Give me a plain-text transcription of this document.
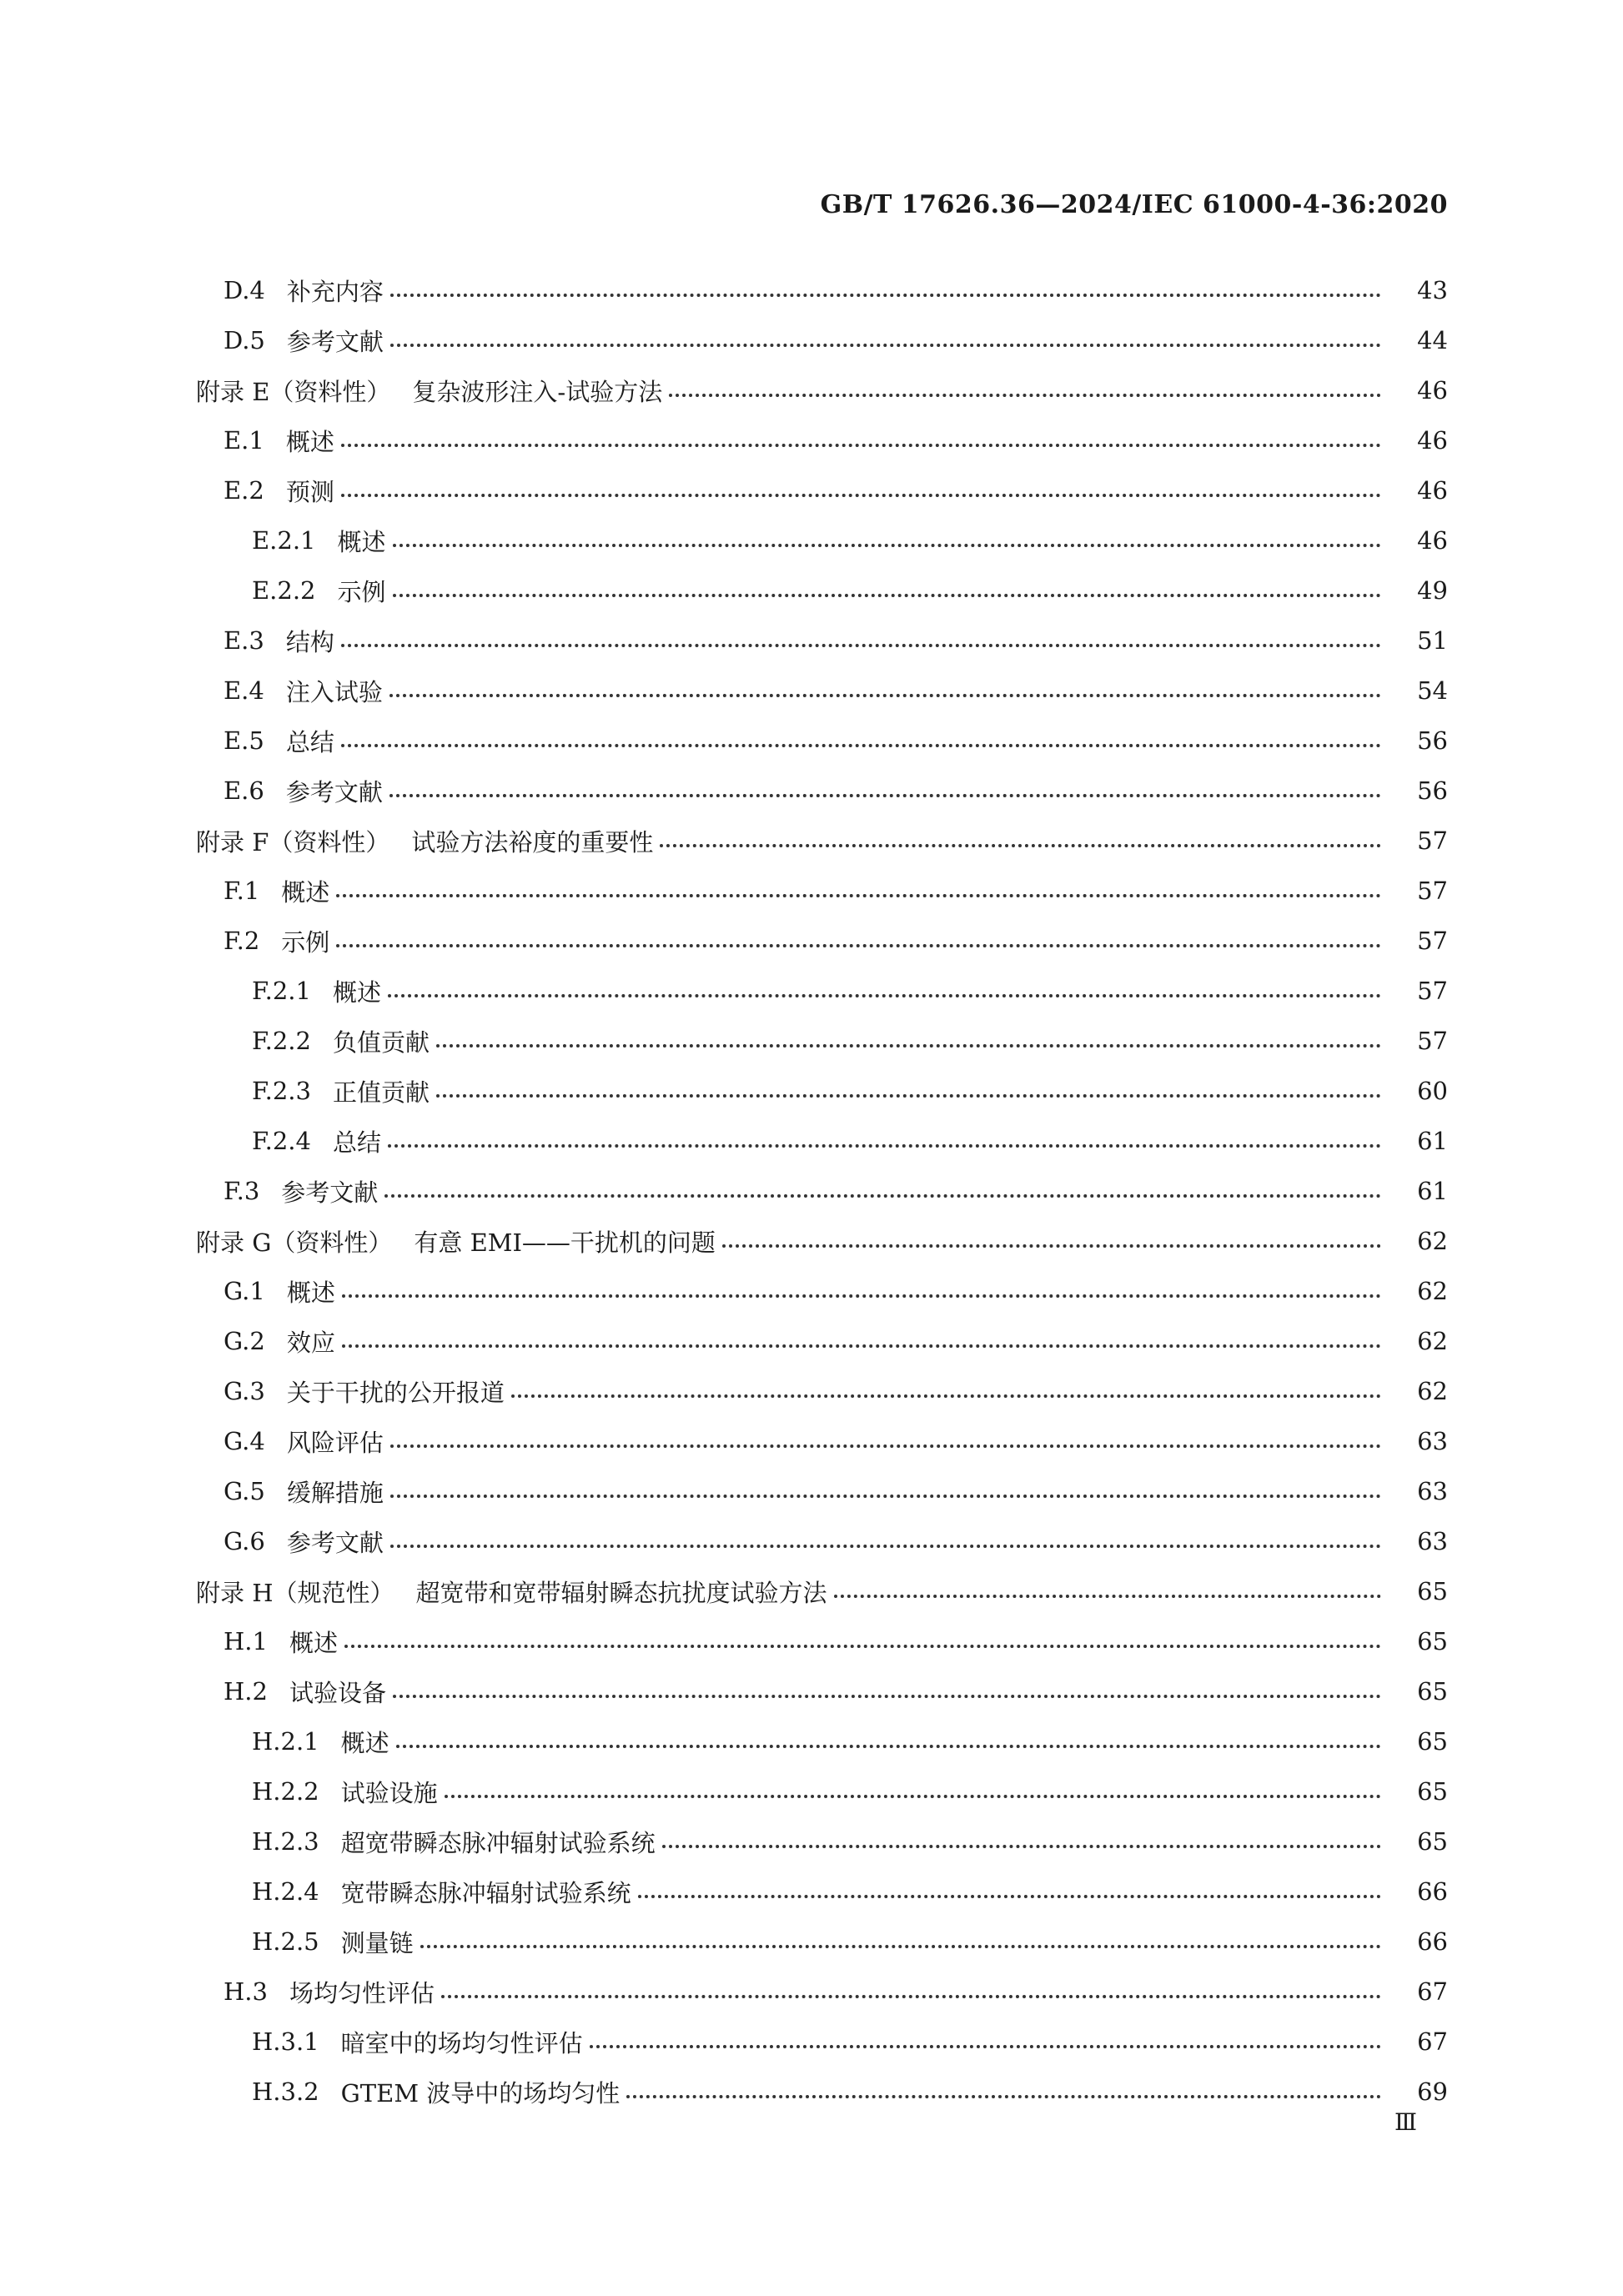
GB/T 17626.36—2024/IEC 61000-4-36:2020
D.4 补充内容	43
D.5 参考文献	44
附录 E（资料性） 复杂波形注入-试验方法	46
E.1 概述	46
E.2 预测	46
E.2.1 概述	46
E.2.2 示例	49
E.3 结构	51
E.4 注入试验	54
E.5 总结	56
E.6 参考文献	56
附录 F（资料性） 试验方法裕度的重要性	57
F.1 概述	57
F.2 示例	57
F.2.1 概述	57
F.2.2 负值贡献	57
F.2.3 正值贡献	60
F.2.4 总结	61
F.3 参考文献	61
附录 G（资料性） 有意 EMI——干扰机的问题	62
G.1 概述	62
G.2 效应	62
G.3 关于干扰的公开报道	62
G.4 风险评估	63
G.5 缓解措施	63
G.6 参考文献	63
附录 H（规范性） 超宽带和宽带辐射瞬态抗扰度试验方法	65
H.1 概述	65
H.2 试验设备	65
H.2.1 概述	65
H.2.2 试验设施	65
H.2.3 超宽带瞬态脉冲辐射试验系统	65
H.2.4 宽带瞬态脉冲辐射试验系统	66
H.2.5 测量链	66
H.3 场均匀性评估	67
H.3.1 暗室中的场均匀性评估	67
H.3.2 GTEM 波导中的场均匀性	69
Ⅲ
